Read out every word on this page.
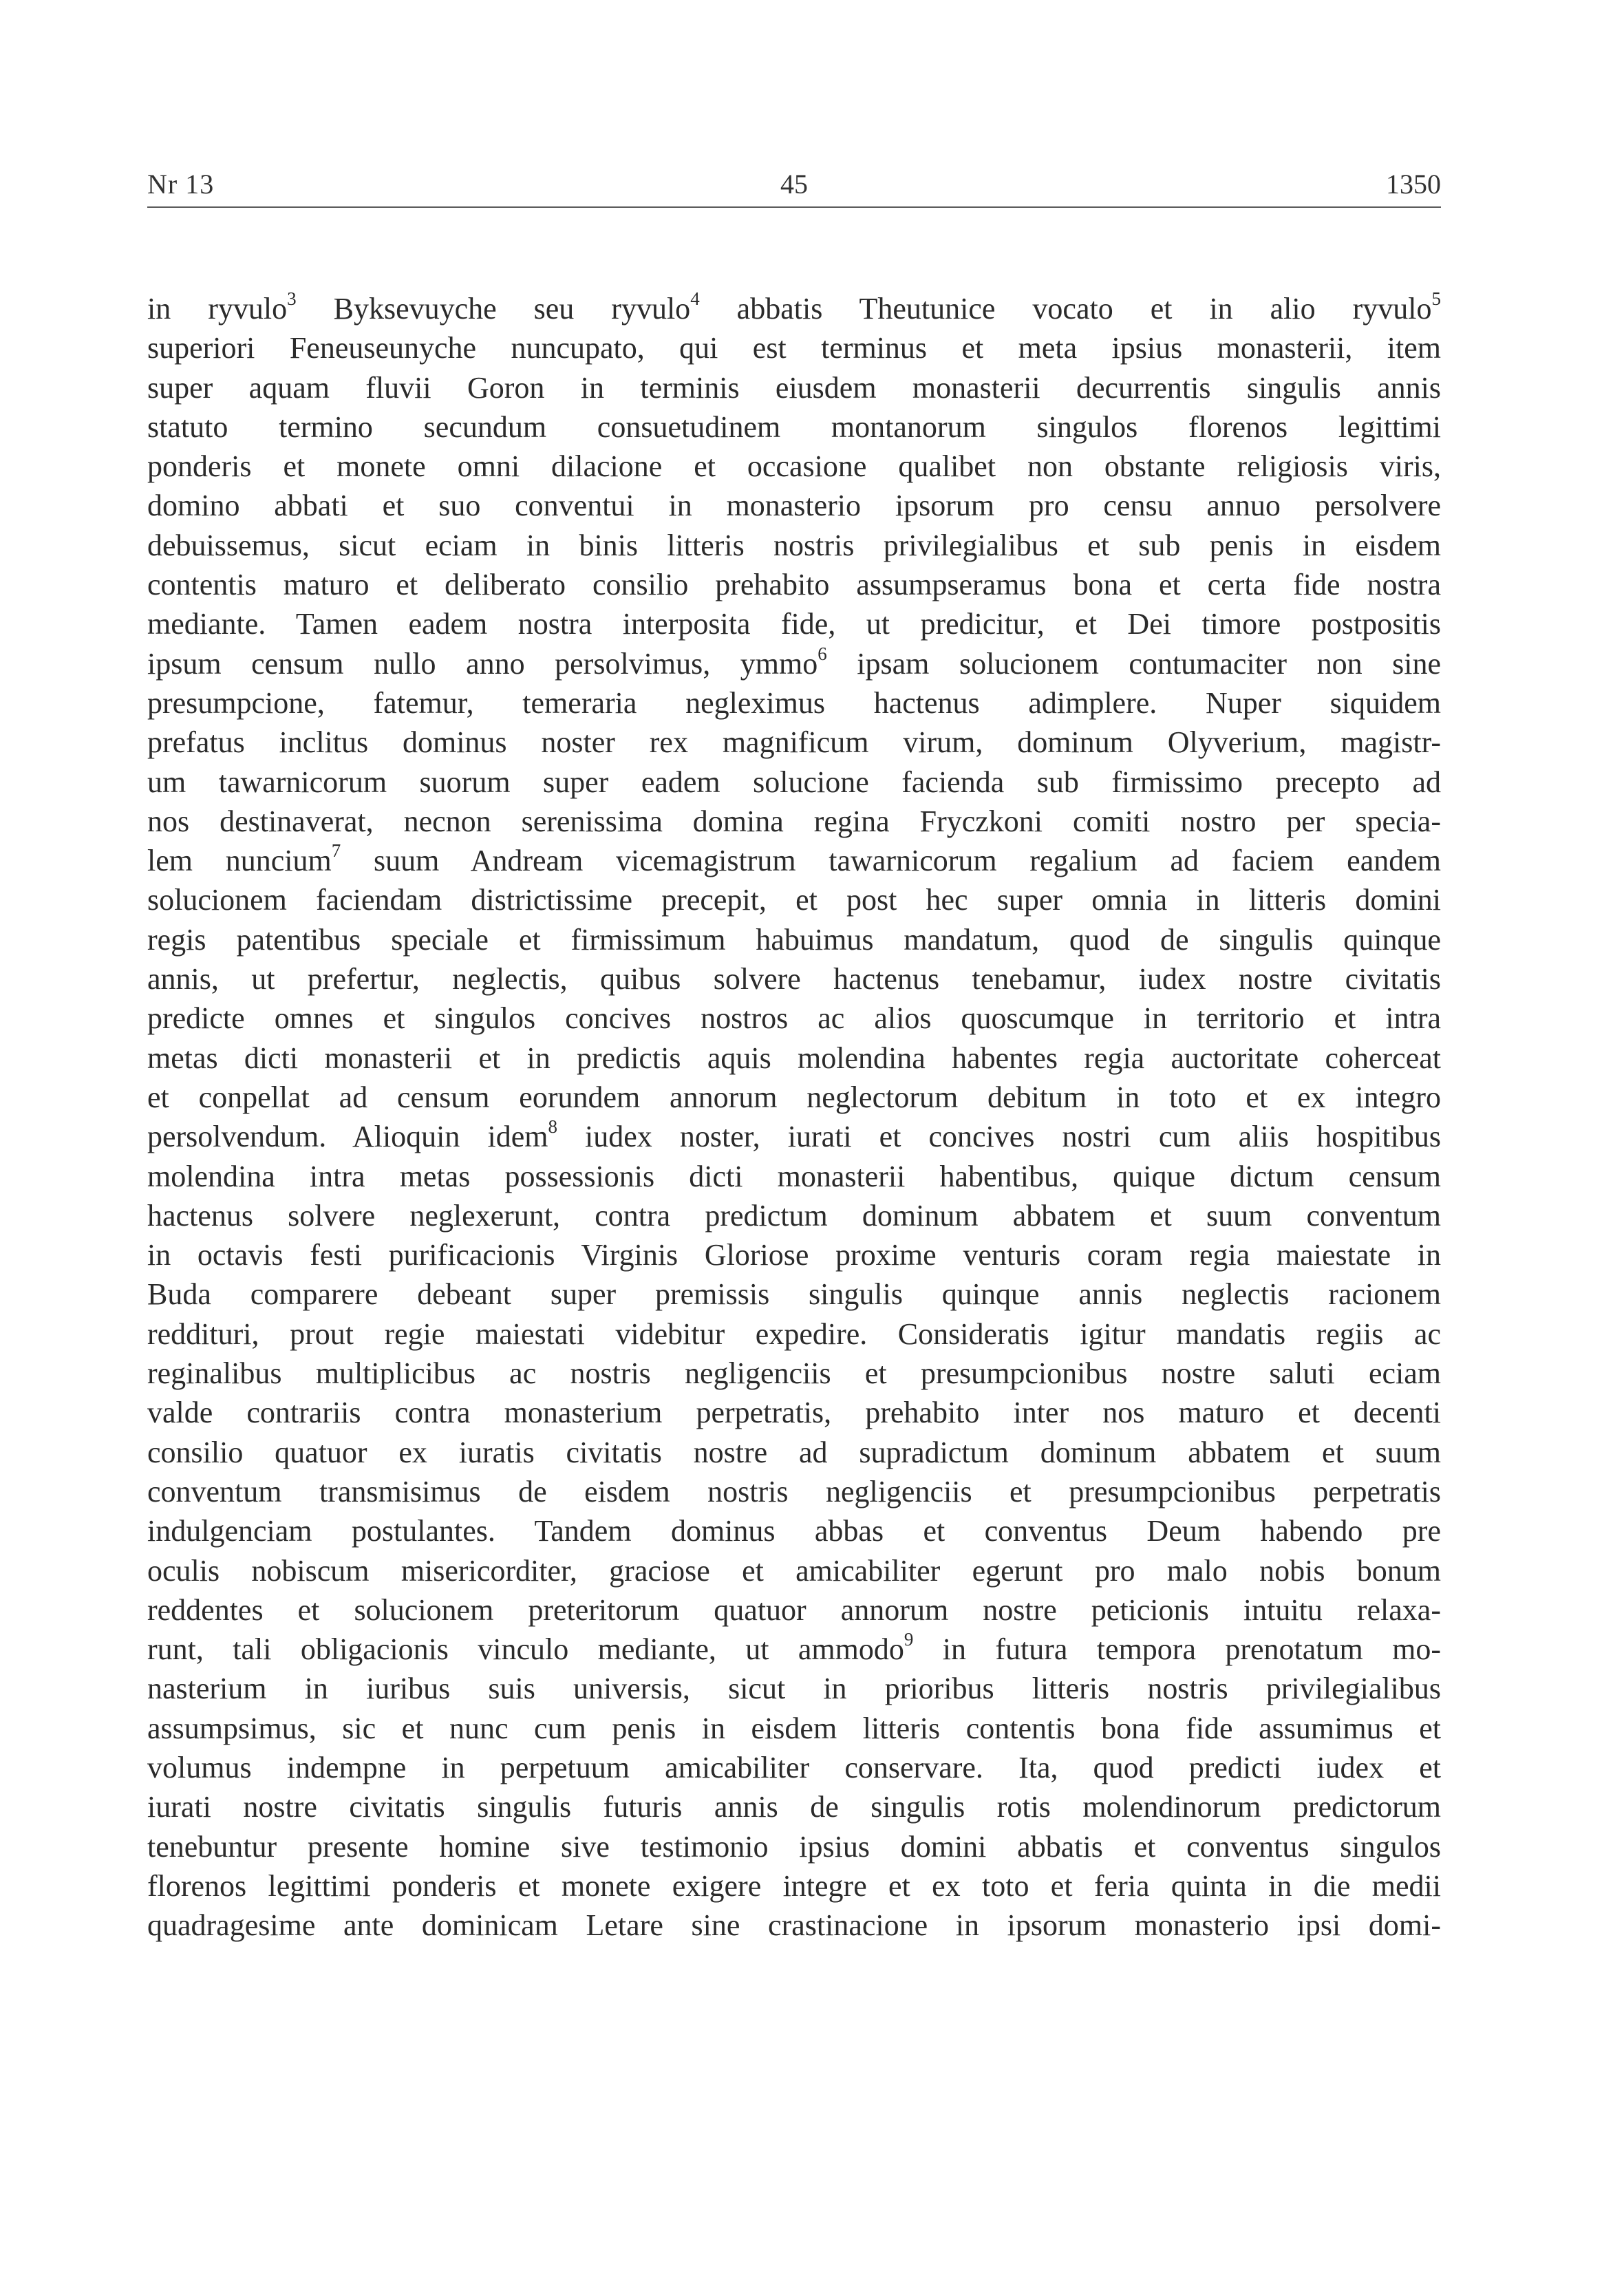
Nr 13	45	1350
in ryvulo$^3$ Byksevuyche seu ryvulo$^4$ abbatis Theutunice vocato et in alio ryvulo$^5$
superiori Feneuseunyche nuncupato, qui est terminus et meta ipsius monasterii, item
super aquam fluvii Goron in terminis eiusdem monasterii decurrentis singulis annis
statuto termino secundum consuetudinem montanorum singulos florenos legittimi
ponderis et monete omni dilacione et occasione qualibet non obstante religiosis viris,
domino abbati et suo conventui in monasterio ipsorum pro censu annuo persolvere
debuissemus, sicut eciam in binis litteris nostris privilegialibus et sub penis in eisdem
contentis maturo et deliberato consilio prehabito assumpseramus bona et certa fide nostra
mediante. Tamen eadem nostra interposita fide, ut predicitur, et Dei timore postpositis
ipsum censum nullo anno persolvimus, ymmo$^6$ ipsam solucionem contumaciter non sine
presumpcione, fatemur, temeraria negleximus hactenus adimplere. Nuper siquidem
prefatus inclitus dominus noster rex magnificum virum, dominum Olyverium, magistr-
um tawarnicorum suorum super eadem solucione facienda sub firmissimo precepto ad
nos destinaverat, necnon serenissima domina regina Fryczkoni comiti nostro per specia-
lem nuncium$^7$ suum Andream vicemagistrum tawarnicorum regalium ad faciem eandem
solucionem faciendam districtissime precepit, et post hec super omnia in litteris domini
regis patentibus speciale et firmissimum habuimus mandatum, quod de singulis quinque
annis, ut prefertur, neglectis, quibus solvere hactenus tenebamur, iudex nostre civitatis
predicte omnes et singulos concives nostros ac alios quoscumque in territorio et intra
metas dicti monasterii et in predictis aquis molendina habentes regia auctoritate coherceat
et conpellat ad censum eorundem annorum neglectorum debitum in toto et ex integro
persolvendum. Alioquin idem$^8$ iudex noster, iurati et concives nostri cum aliis hospitibus
molendina intra metas possessionis dicti monasterii habentibus, quique dictum censum
hactenus solvere neglexerunt, contra predictum dominum abbatem et suum conventum
in octavis festi purificacionis Virginis Gloriose proxime venturis coram regia maiestate in
Buda comparere debeant super premissis singulis quinque annis neglectis racionem
reddituri, prout regie maiestati videbitur expedire. Consideratis igitur mandatis regiis ac
reginalibus multiplicibus ac nostris negligenciis et presumpcionibus nostre saluti eciam
valde contrariis contra monasterium perpetratis, prehabito inter nos maturo et decenti
consilio quatuor ex iuratis civitatis nostre ad supradictum dominum abbatem et suum
conventum transmisimus de eisdem nostris negligenciis et presumpcionibus perpetratis
indulgenciam postulantes. Tandem dominus abbas et conventus Deum habendo pre
oculis nobiscum misericorditer, graciose et amicabiliter egerunt pro malo nobis bonum
reddentes et solucionem preteritorum quatuor annorum nostre peticionis intuitu relaxa-
runt, tali obligacionis vinculo mediante, ut ammodo$^9$ in futura tempora prenotatum mo-
nasterium in iuribus suis universis, sicut in prioribus litteris nostris privilegialibus
assumpsimus, sic et nunc cum penis in eisdem litteris contentis bona fide assumimus et
volumus indempne in perpetuum amicabiliter conservare. Ita, quod predicti iudex et
iurati nostre civitatis singulis futuris annis de singulis rotis molendinorum predictorum
tenebuntur presente homine sive testimonio ipsius domini abbatis et conventus singulos
florenos legittimi ponderis et monete exigere integre et ex toto et feria quinta in die medii
quadragesime ante dominicam Letare sine crastinacione in ipsorum monasterio ipsi domi-
